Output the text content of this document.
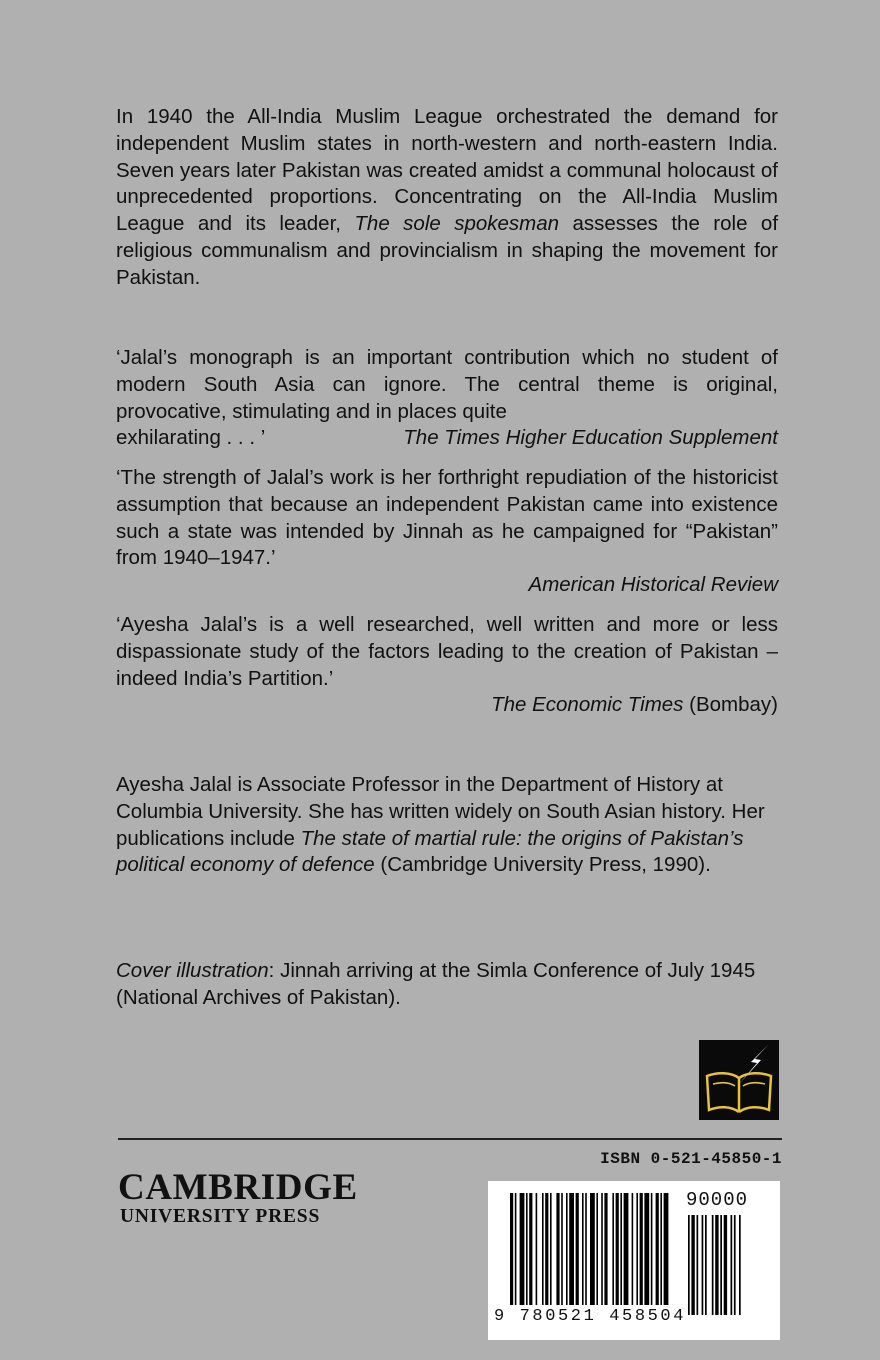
In 1940 the All-India Muslim League orchestrated the demand for independent Muslim states in north-western and north-eastern India. Seven years later Pakistan was created amidst a communal holocaust of unprecedented proportions. Concentrating on the All-India Muslim League and its leader, The sole spokesman assesses the role of religious communalism and provincialism in shaping the movement for Pakistan.
‘Jalal’s monograph is an important contribution which no student of modern South Asia can ignore. The central theme is original, provocative, stimulating and in places quite
exhilarating . . . ’	The Times Higher Education Supplement
‘The strength of Jalal’s work is her forthright repudiation of the historicist assumption that because an independent Pakistan came into existence such a state was intended by Jinnah as he campaigned for “Pakistan” from 1940–1947.’
American Historical Review
‘Ayesha Jalal’s is a well researched, well written and more or less dispassionate study of the factors leading to the creation of Pakistan – indeed India’s Partition.’
The Economic Times (Bombay)
Ayesha Jalal is Associate Professor in the Department of History at Columbia University. She has written widely on South Asian history. Her publications include The state of martial rule: the origins of Pakistan’s political economy of defence (Cambridge University Press, 1990).
Cover illustration: Jinnah arriving at the Simla Conference of July 1945 (National Archives of Pakistan).
ISBN 0-521-45850-1
CAMBRIDGE
UNIVERSITY PRESS
90000
9 780521 458504
